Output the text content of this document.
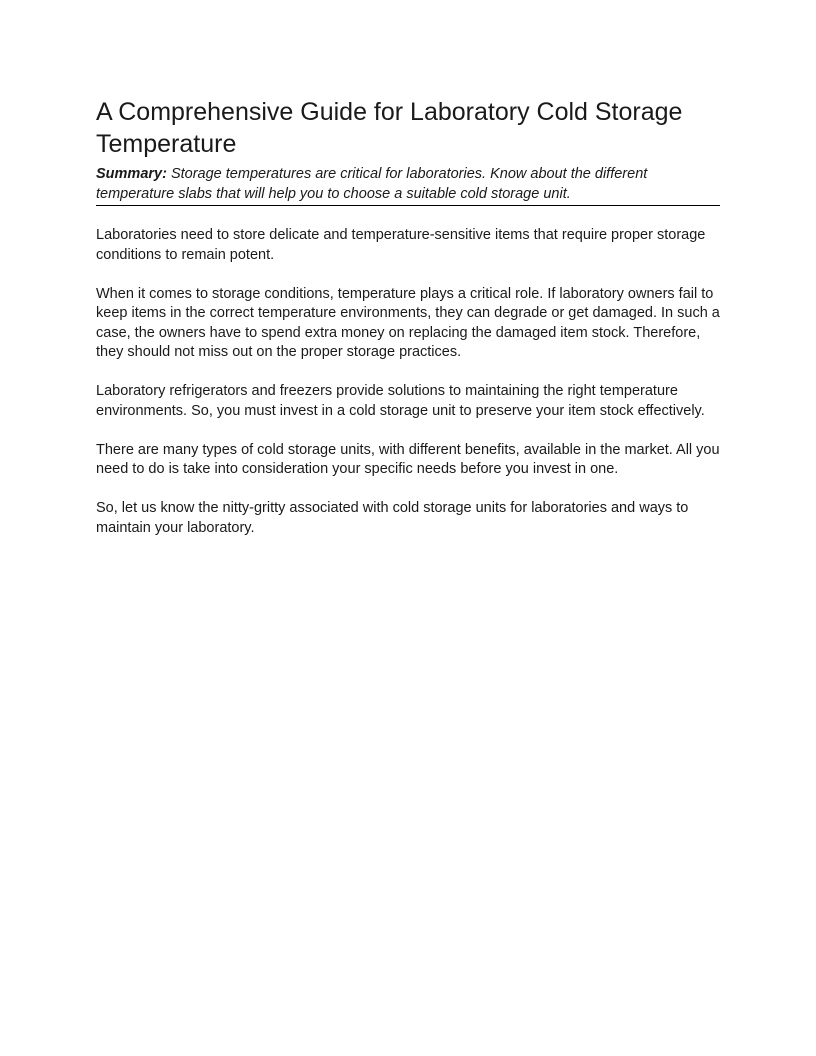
A Comprehensive Guide for Laboratory Cold Storage Temperature

Summary: Storage temperatures are critical for laboratories. Know about the different temperature slabs that will help you to choose a suitable cold storage unit.

Laboratories need to store delicate and temperature-sensitive items that require proper storage conditions to remain potent.

When it comes to storage conditions, temperature plays a critical role. If laboratory owners fail to keep items in the correct temperature environments, they can degrade or get damaged. In such a case, the owners have to spend extra money on replacing the damaged item stock. Therefore, they should not miss out on the proper storage practices.

Laboratory refrigerators and freezers provide solutions to maintaining the right temperature environments. So, you must invest in a cold storage unit to preserve your item stock effectively.

There are many types of cold storage units, with different benefits, available in the market. All you need to do is take into consideration your specific needs before you invest in one.

So, let us know the nitty-gritty associated with cold storage units for laboratories and ways to maintain your laboratory.
